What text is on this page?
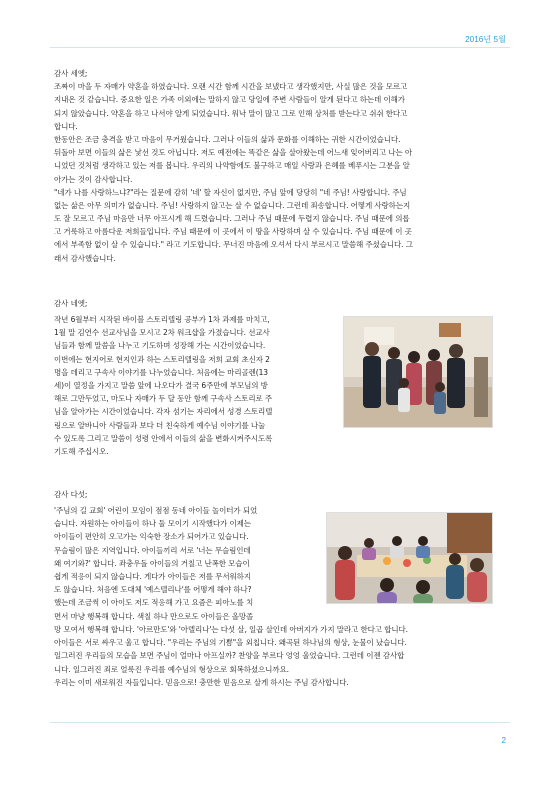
2016년 5월
감사 세엣;
조짜이 마을 두 자매가 약혼을 하였습니다. 오랜 시간 함께 시간을 보냈다고 생각했지만, 사실 많은 것을 모르고
지내온 것 같습니다. 중요한 일은 가족 이외에는 말하지 않고 당일에 주변 사람들이 알게 된다고 하는데 이해가
되지 않았습니다. 약혼을 하고 나서야 알게 되었습니다. 워낙 말이 많고 그로 인해 상처를 받는다고 쉬쉬 한다고
합니다.
한동안은 조금 충격을 받고 마음이 무거웠습니다. 그러나 이들의 삶과 문화를 이해하는 귀한 시간이었습니다.
뒤돌아 보면 이들의 삶은 낯선 것도 아닙니다. 저도 예전에는 똑같은 삶을 살아왔는데 어느새 잊어버리고 나는 아
니었던 것처럼 생각하고 있는 저를 봅니다. 우리의 나약함에도 불구하고 매일 사랑과 은혜를 베푸시는 그분을 알
아가는 것이 감사합니다.
"네가 나를 사랑하느냐?"라는 질문에 감히 '네' 할 자신이 없지만, 주님 앞에 당당히 "네 주님! 사랑합니다. 주님
없는 삶은 아무 의미가 없습니다. 주님! 사랑하지 않고는 살 수 없습니다. 그런데 죄송합니다. 어떻게 사랑하는지
도 잘 모르고 주님 마음만 너무 아프시게 해 드렸습니다. 그러나 주님 때문에 두렵지 않습니다. 주님 때문에 의롭
고 거룩하고 아름다운 저희들입니다. 주님 때문에 이 곳에서 이 땅을 사랑하며 살 수 있습니다. 주님 때문에 이 곳
에서 부족함 없이 살 수 있습니다." 라고 기도합니다. 무너진 마음에 오셔서 다시 부르시고 말씀해 주셨습니다. 그
래서 감사했습니다.
감사 네엣;
작년 6월부터 시작된 바이블 스토리텔링 공부가 1차 과제를 마치고,
1월 말 김연수 선교사님을 모시고 2차 워크샵을 가졌습니다. 선교사
님들과 함께 말씀을 나누고 기도하며 성장해 가는 시간이었습니다.
이번에는 현지어로 현지인과 하는 스토리텔링을 저희 교회 초신자 2
명을 데리고 구속사 이야기를 나누었습니다. 처음에는 마리골렌(13
세)이 열정을 가지고 말씀 앞에 나오다가 결국 6주만에 부모님의 방
해로 그만두었고, 마도나 자매가 두 달 동안 함께 구속사 스토리로 주
님을 알아가는 시간이었습니다. 각자 섬기는 자리에서 성경 스토리텔
링으로 알바니아 사람들과 보다 더 친숙하게 예수님 이야기를 나눌
수 있도록 그리고 말씀이 성령 안에서 이들의 삶을 변화시켜주시도록
기도해 주십시오.
감사 다섯;
'주님의 길 교회' 어린이 모임이 점점 동네 아이들 놀이터가 되었
습니다. 자원하는 아이들이 하나 둘 모이기 시작했다가 이제는
아이들이 편안히 오고가는 익숙한 장소가 되어가고 있습니다.
무슬림이 많은 지역입니다. 아이들끼리 서로 '너는 무슬림인데
왜 여기와?' 합니다. 좌충우돌 아이들의 거칠고 난폭한 모습이
쉽게 적응이 되지 않습니다. 게다가 아이들은 저를 무서워하지
도 않습니다. 처음엔 도대체 '예스텔리나'를 어떻게 해야 하나?
했는데 조금씩 이 아이도 저도 적응해 가고 요즘은 피아노를 치
면서 마냥 행복해 합니다. 색칠 하나 만으로도 아이들은 올망졸
망 모여서 행복해 합니다. '아르만도'와 '아델리나'는 다섯 살, 일곱 살인데 아버지가 가지 말라고 한다고 합니다.
아이들은 서로 싸우고 울고 합니다. "우리는 주님의 기쁨"을 외칩니다. 왜곡된 하나님의 형상, 눈물이 났습니다.
일그러진 우리들의 모습을 보면 주님이 얼마나 아프실까? 찬양을 부르다 엉엉 울었습니다. 그런데 이젠 감사합
니다. 일그러진 죄로 얼룩진 우리를 예수님의 형상으로 회복하셨으니까요.
우리는 이미 새로워진 자들입니다. 믿음으로! 충만한 믿음으로 살게 하시는 주님 감사합니다.
2
